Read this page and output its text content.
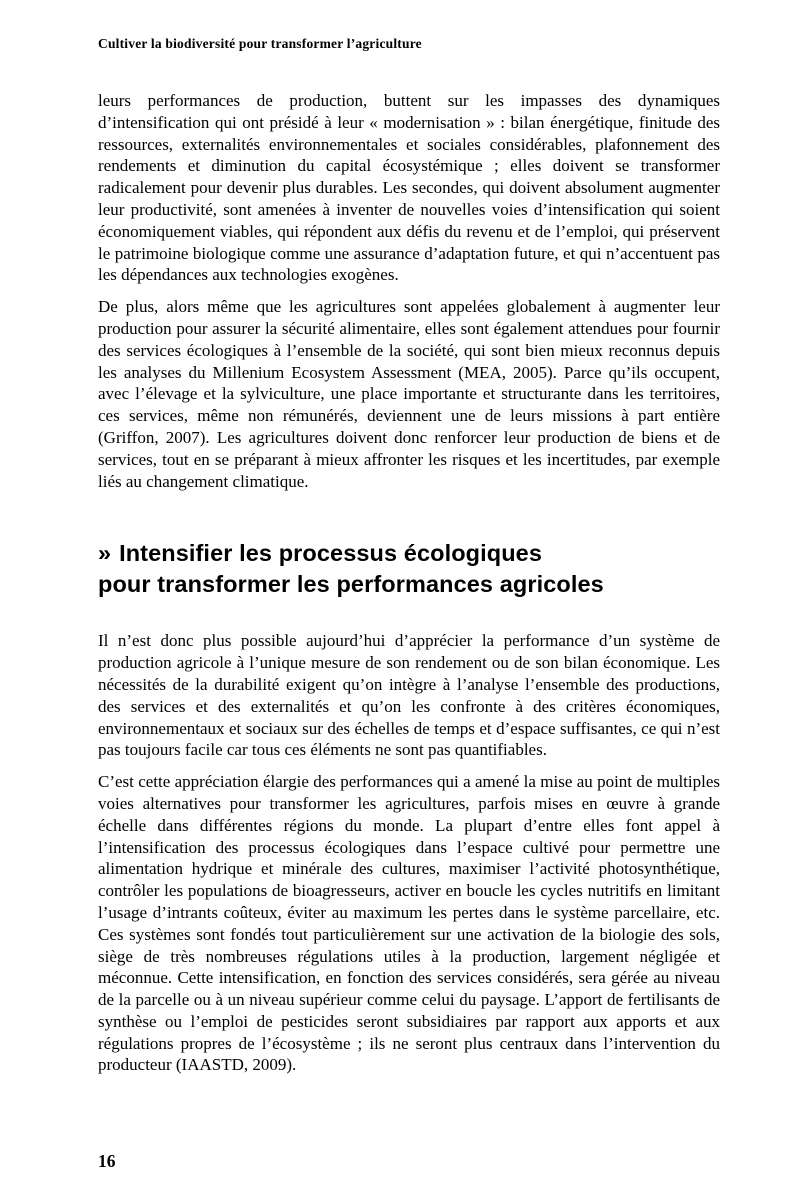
Cultiver la biodiversité pour transformer l’agriculture

leurs performances de production, buttent sur les impasses des dynamiques d’intensification qui ont présidé à leur « modernisation » : bilan énergétique, finitude des ressources, externalités environnementales et sociales considérables, plafonnement des rendements et diminution du capital écosystémique ; elles doivent se transformer radicalement pour devenir plus durables. Les secondes, qui doivent absolument augmenter leur productivité, sont amenées à inventer de nouvelles voies d’intensification qui soient économiquement viables, qui répondent aux défis du revenu et de l’emploi, qui préservent le patrimoine biologique comme une assurance d’adaptation future, et qui n’accentuent pas les dépendances aux technologies exogènes.

De plus, alors même que les agricultures sont appelées globalement à augmenter leur production pour assurer la sécurité alimentaire, elles sont également attendues pour fournir des services écologiques à l’ensemble de la société, qui sont bien mieux reconnus depuis les analyses du Millenium Ecosystem Assessment (MEA, 2005). Parce qu’ils occupent, avec l’élevage et la sylviculture, une place importante et structurante dans les territoires, ces services, même non rémunérés, deviennent une de leurs missions à part entière (Griffon, 2007). Les agricultures doivent donc renforcer leur production de biens et de services, tout en se préparant à mieux affronter les risques et les incertitudes, par exemple liés au changement climatique.

» Intensifier les processus écologiques
pour transformer les performances agricoles

Il n’est donc plus possible aujourd’hui d’apprécier la performance d’un système de production agricole à l’unique mesure de son rendement ou de son bilan économique. Les nécessités de la durabilité exigent qu’on intègre à l’analyse l’ensemble des productions, des services et des externalités et qu’on les confronte à des critères économiques, environnementaux et sociaux sur des échelles de temps et d’espace suffisantes, ce qui n’est pas toujours facile car tous ces éléments ne sont pas quantifiables.

C’est cette appréciation élargie des performances qui a amené la mise au point de multiples voies alternatives pour transformer les agricultures, parfois mises en œuvre à grande échelle dans différentes régions du monde. La plupart d’entre elles font appel à l’intensification des processus écologiques dans l’espace cultivé pour permettre une alimentation hydrique et minérale des cultures, maximiser l’activité photosynthétique, contrôler les populations de bioagresseurs, activer en boucle les cycles nutritifs en limitant l’usage d’intrants coûteux, éviter au maximum les pertes dans le système parcellaire, etc. Ces systèmes sont fondés tout particulièrement sur une activation de la biologie des sols, siège de très nombreuses régulations utiles à la production, largement négligée et méconnue. Cette intensification, en fonction des services considérés, sera gérée au niveau de la parcelle ou à un niveau supérieur comme celui du paysage. L’apport de fertilisants de synthèse ou l’emploi de pesticides seront subsidiaires par rapport aux apports et aux régulations propres de l’écosystème ; ils ne seront plus centraux dans l’intervention du producteur (IAASTD, 2009).

16
